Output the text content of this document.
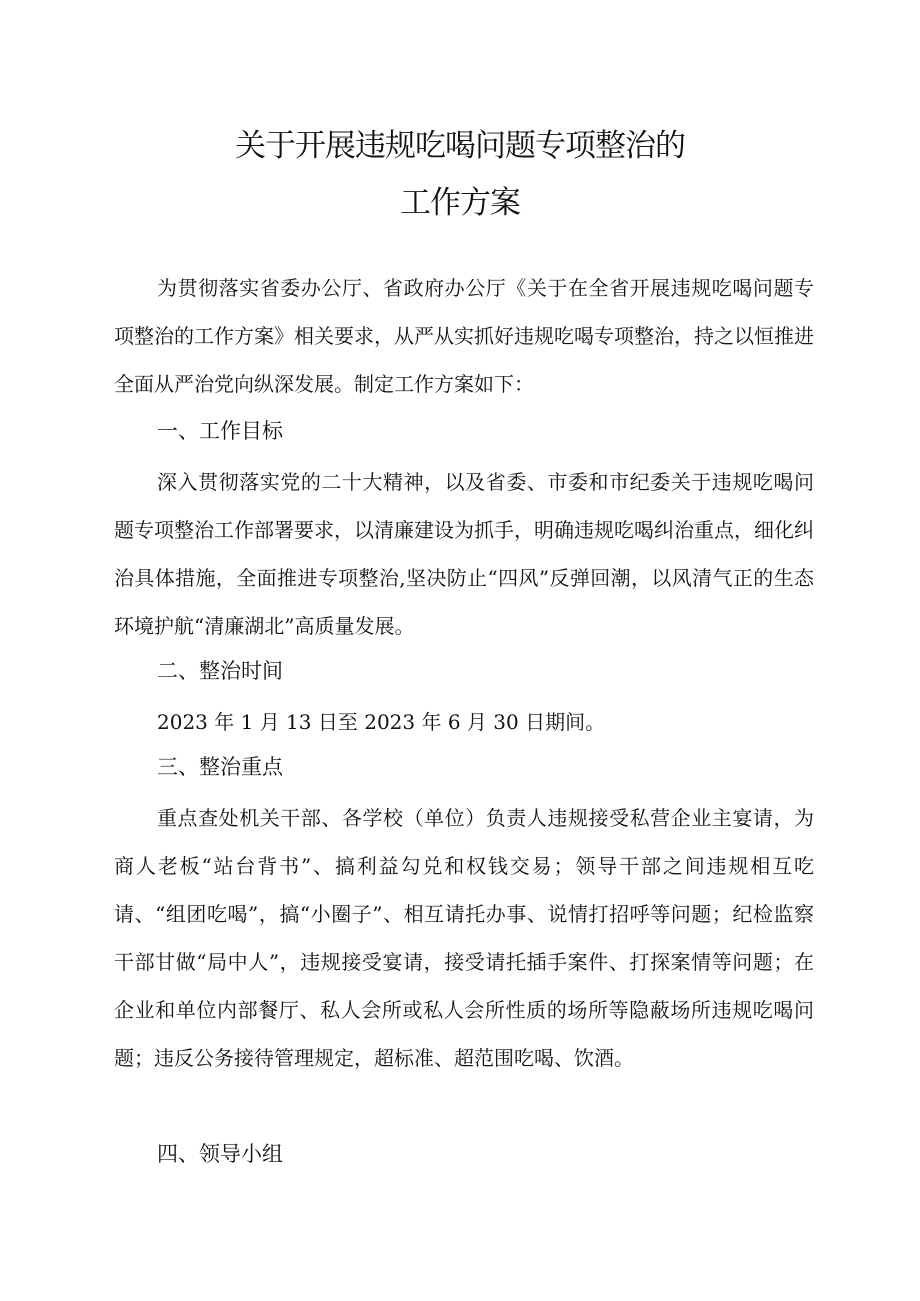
关于开展违规吃喝问题专项整治的
工作方案
为贯彻落实省委办公厅、省政府办公厅《关于在全省开展违规吃喝问题专项整治的工作方案》相关要求，从严从实抓好违规吃喝专项整治，持之以恒推进全面从严治党向纵深发展。制定工作方案如下：
一、工作目标
深入贯彻落实党的二十大精神，以及省委、市委和市纪委关于违规吃喝问题专项整治工作部署要求，以清廉建设为抓手，明确违规吃喝纠治重点，细化纠治具体措施，全面推进专项整治,坚决防止“四风”反弹回潮，以风清气正的生态环境护航“清廉湖北”高质量发展。
二、整治时间
2023 年 1 月 13 日至 2023 年 6 月 30 日期间。
三、整治重点
重点查处机关干部、各学校（单位）负责人违规接受私营企业主宴请，为商人老板“站台背书”、搞利益勾兑和权钱交易；领导干部之间违规相互吃请、“组团吃喝”，搞“小圈子”、相互请托办事、说情打招呼等问题；纪检监察干部甘做“局中人”，违规接受宴请，接受请托插手案件、打探案情等问题；在企业和单位内部餐厅、私人会所或私人会所性质的场所等隐蔽场所违规吃喝问题；违反公务接待管理规定，超标准、超范围吃喝、饮酒。
四、领导小组
